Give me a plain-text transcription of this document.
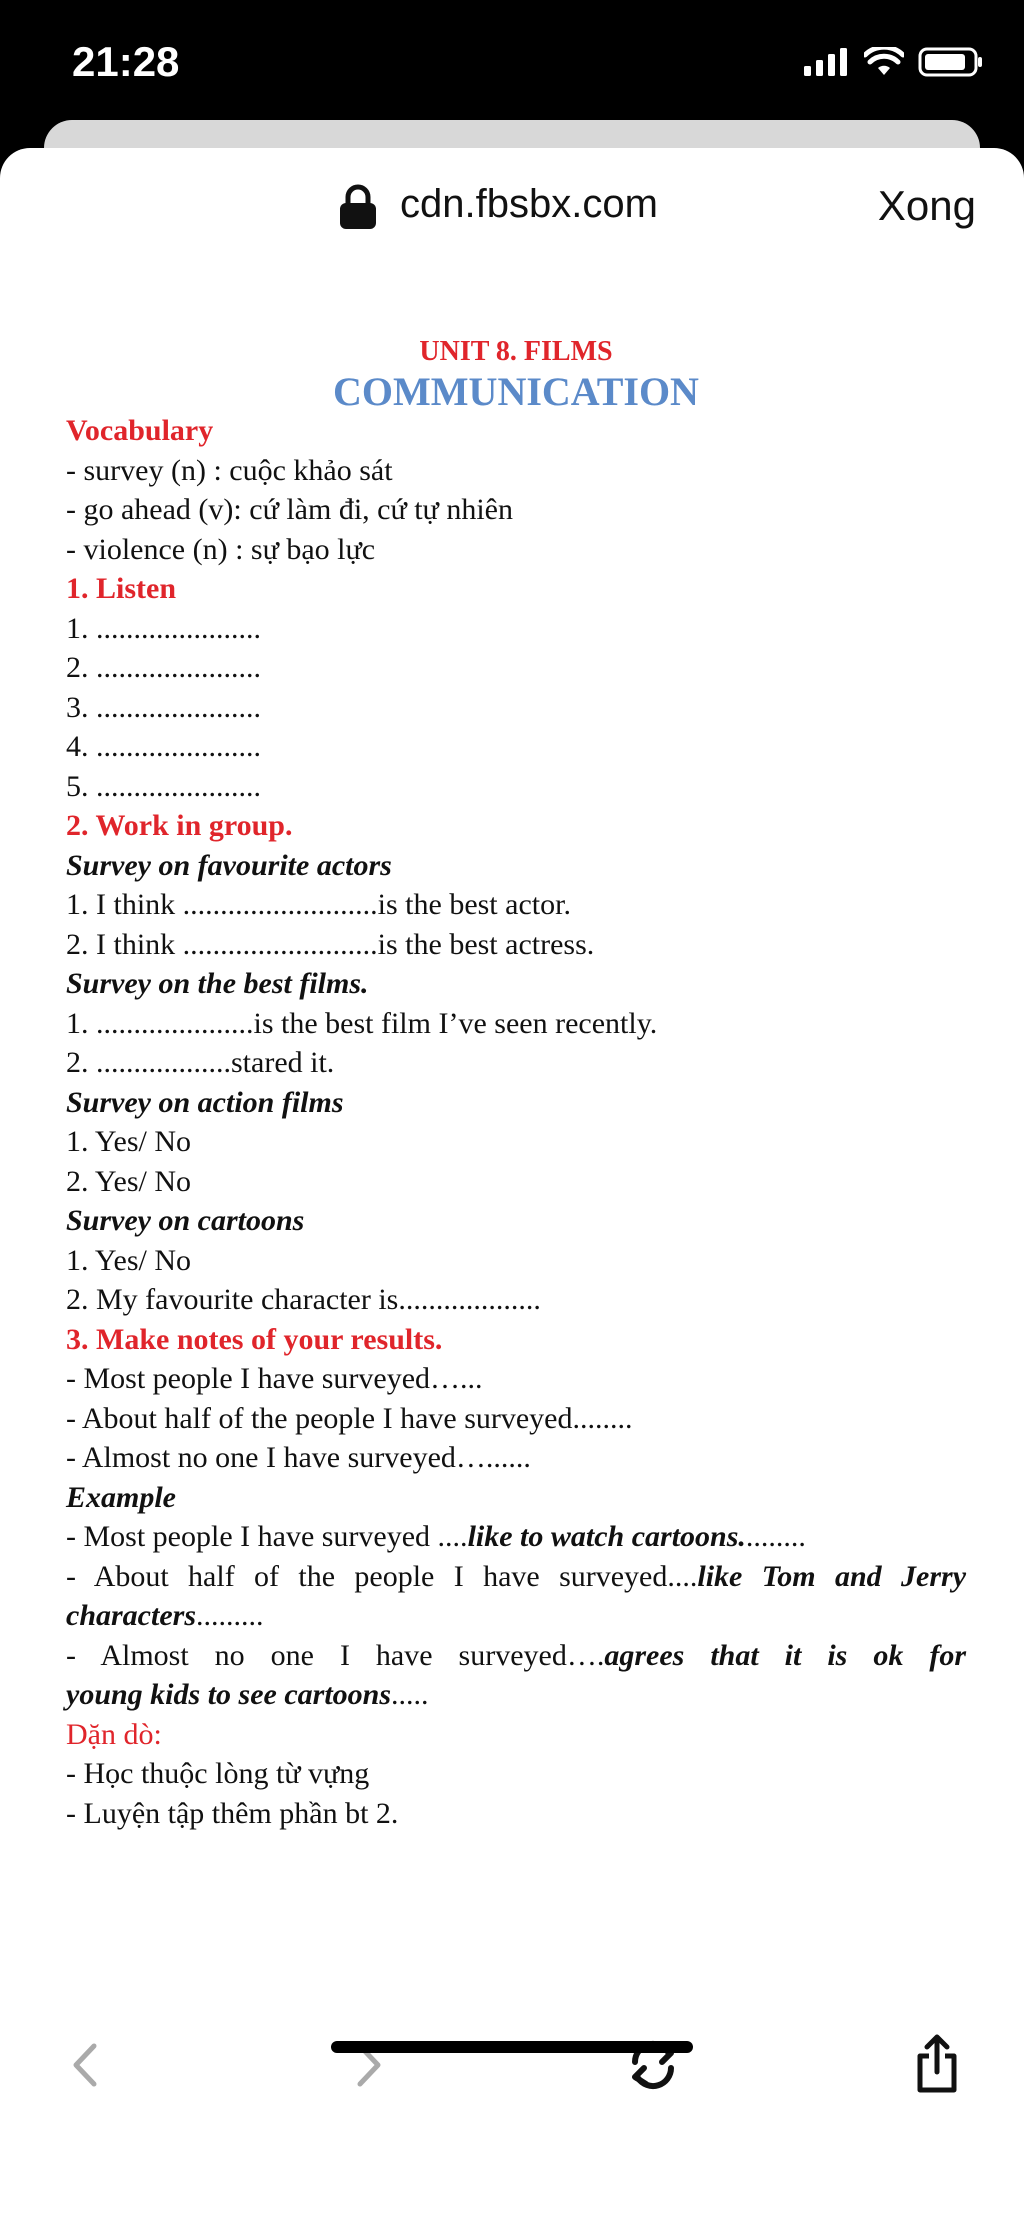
21:28
cdn.fbsbx.com	Xong
UNIT 8. FILMS
COMMUNICATION
Vocabulary
- survey (n) : cuộc khảo sát
- go ahead (v): cứ làm đi, cứ tự nhiên
- violence (n) : sự bạo lực
1. Listen
1. ......................
2. ......................
3. ......................
4. ......................
5. ......................
2. Work in group.
Survey on favourite actors
1. I think ..........................is the best actor.
2. I think ..........................is the best actress.
Survey on the best films.
1. .....................is the best film I’ve seen recently.
2. ..................stared it.
Survey on action films
1. Yes/ No
2. Yes/ No
Survey on cartoons
1. Yes/ No
2. My favourite character is...................
3. Make notes of your results.
- Most people I have surveyed…...
- About half of the people I have surveyed........
- Almost no one I have surveyed…......
Example
- Most people I have surveyed ....like to watch cartoons.........
- About half of the people I have surveyed....like Tom and Jerry
characters.........
- Almost no one I have surveyed….agrees that it is ok for
young kids to see cartoons.....
Dặn dò:
- Học thuộc lòng từ vựng
- Luyện tập thêm phần bt 2.
